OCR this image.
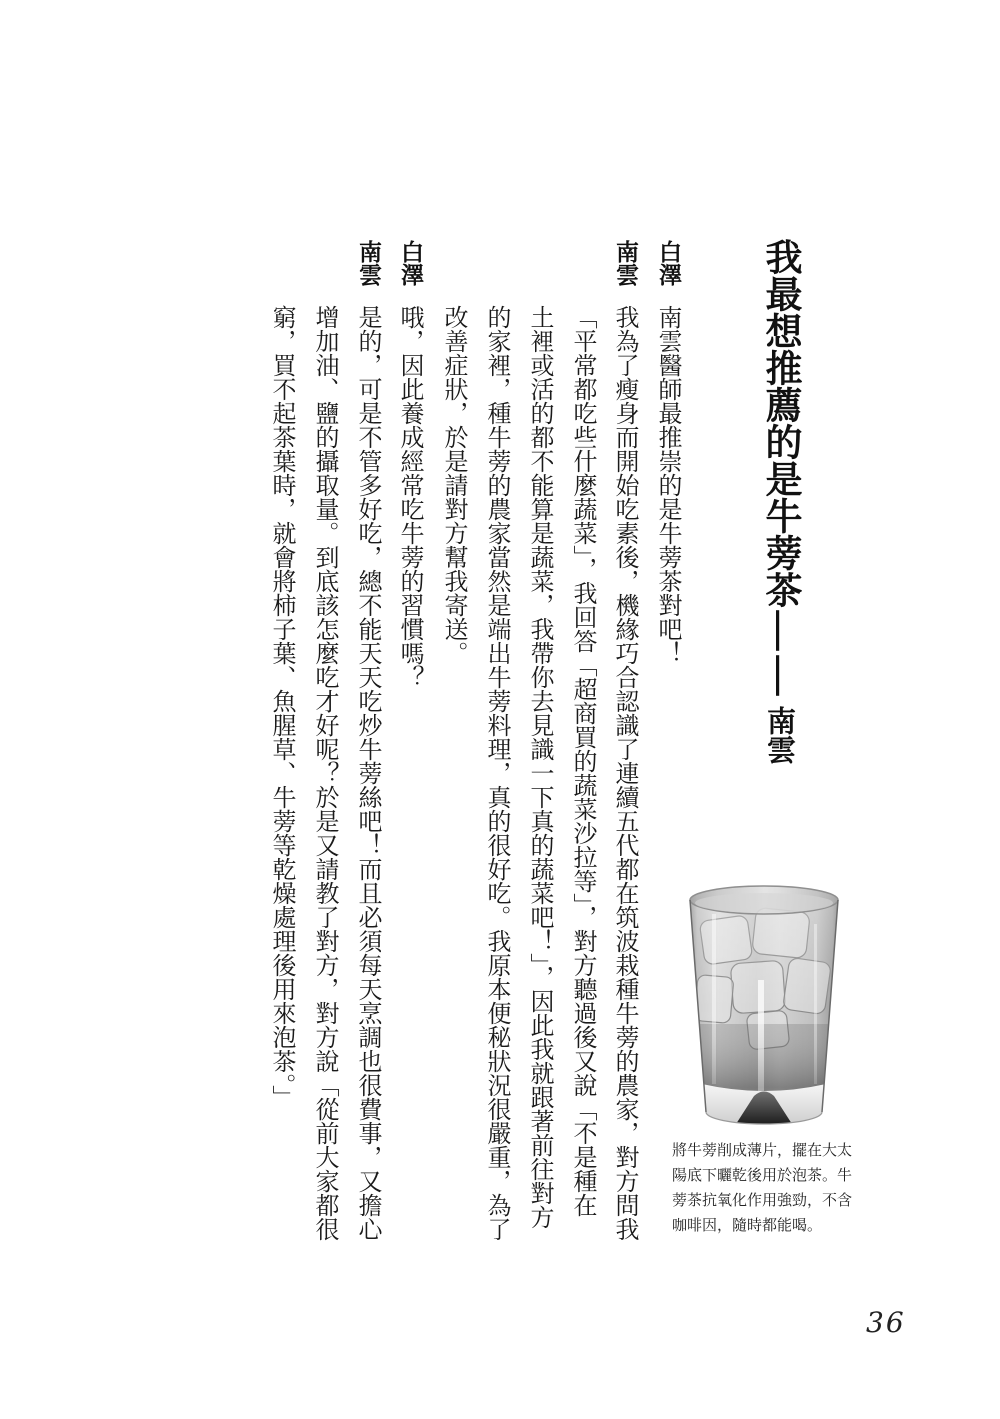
我最想推薦的是牛蒡茶——南雲
白澤
南雲醫師最推崇的是牛蒡茶對吧！
南雲
我為了瘦身而開始吃素後，機緣巧合認識了連續五代都在筑波栽種牛蒡的農家，對方問我
「平常都吃些什麼蔬菜」，我回答「超商買的蔬菜沙拉等」，對方聽過後又說「不是種在
土裡或活的都不能算是蔬菜，我帶你去見識一下真的蔬菜吧！」，因此我就跟著前往對方
的家裡，種牛蒡的農家當然是端出牛蒡料理，真的很好吃。我原本便秘狀況很嚴重，為了
改善症狀，於是請對方幫我寄送。
白澤
哦，因此養成經常吃牛蒡的習慣嗎？
南雲
是的，可是不管多好吃，總不能天天吃炒牛蒡絲吧！而且必須每天烹調也很費事，又擔心
增加油、鹽的攝取量。到底該怎麼吃才好呢？於是又請教了對方，對方說「從前大家都很
窮，買不起茶葉時，就會將柿子葉、魚腥草、牛蒡等乾燥處理後用來泡茶。」
將牛蒡削成薄片，擺在大太
陽底下曬乾後用於泡茶。牛
蒡茶抗氧化作用強勁，不含
咖啡因，隨時都能喝。
36
